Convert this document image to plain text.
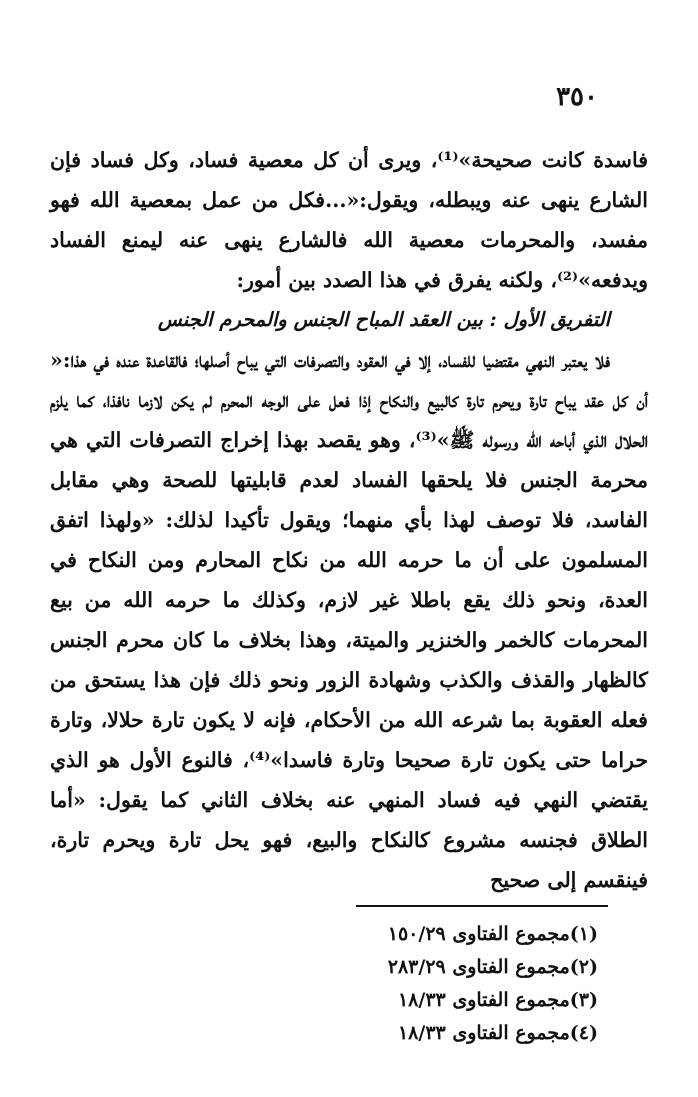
٣٥٠

فاسدة كانت صحيحة»⁽¹⁾، ويرى أن كل معصية فساد، وكل فساد فإن الشارع ينهى عنه ويبطله، ويقول:«...فكل من عمل بمعصية الله فهو مفسد، والمحرمات معصية الله فالشارع ينهى عنه ليمنع الفساد ويدفعه»⁽²⁾، ولكنه يفرق في هذا الصدد بين أمور:

التفريق الأول : بين العقد المباح الجنس والمحرم الجنس

فلا يعتبر النهي مقتضيا للفساد، إلا في العقود والتصرفات التي يباح أصلها؛ فالقاعدة عنده في هذا:« أن كل عقد يباح تارة ويحرم تارة كالبيع والنكاح إذا فعل على الوجه المحرم لم يكن لازما نافذا، كما يلزم الحلال الذي أباحه الله ورسوله ﷺ»⁽³⁾، وهو يقصد بهذا إخراج التصرفات التي هي محرمة الجنس فلا يلحقها الفساد لعدم قابليتها للصحة وهي مقابل الفاسد، فلا توصف لهذا بأي منهما؛ ويقول تأكيدا لذلك: «ولهذا اتفق المسلمون على أن ما حرمه الله من نكاح المحارم ومن النكاح في العدة، ونحو ذلك يقع باطلا غير لازم، وكذلك ما حرمه الله من بيع المحرمات كالخمر والخنزير والميتة، وهذا بخلاف ما كان محرم الجنس كالظهار والقذف والكذب وشهادة الزور ونحو ذلك فإن هذا يستحق من فعله العقوبة بما شرعه الله من الأحكام، فإنه لا يكون تارة حلالا، وتارة حراما حتى يكون تارة صحيحا وتارة فاسدا»⁽⁴⁾، فالنوع الأول هو الذي يقتضي النهي فيه فساد المنهي عنه بخلاف الثاني كما يقول: «أما الطلاق فجنسه مشروع كالنكاح والبيع، فهو يحل تارة ويحرم تارة، فينقسم إلى صحيح

(١)مجموع الفتاوى ١٥٠/٢٩
(٢)مجموع الفتاوى ٢٨٣/٢٩
(٣)مجموع الفتاوى ١٨/٣٣
(٤)مجموع الفتاوى ١٨/٣٣
